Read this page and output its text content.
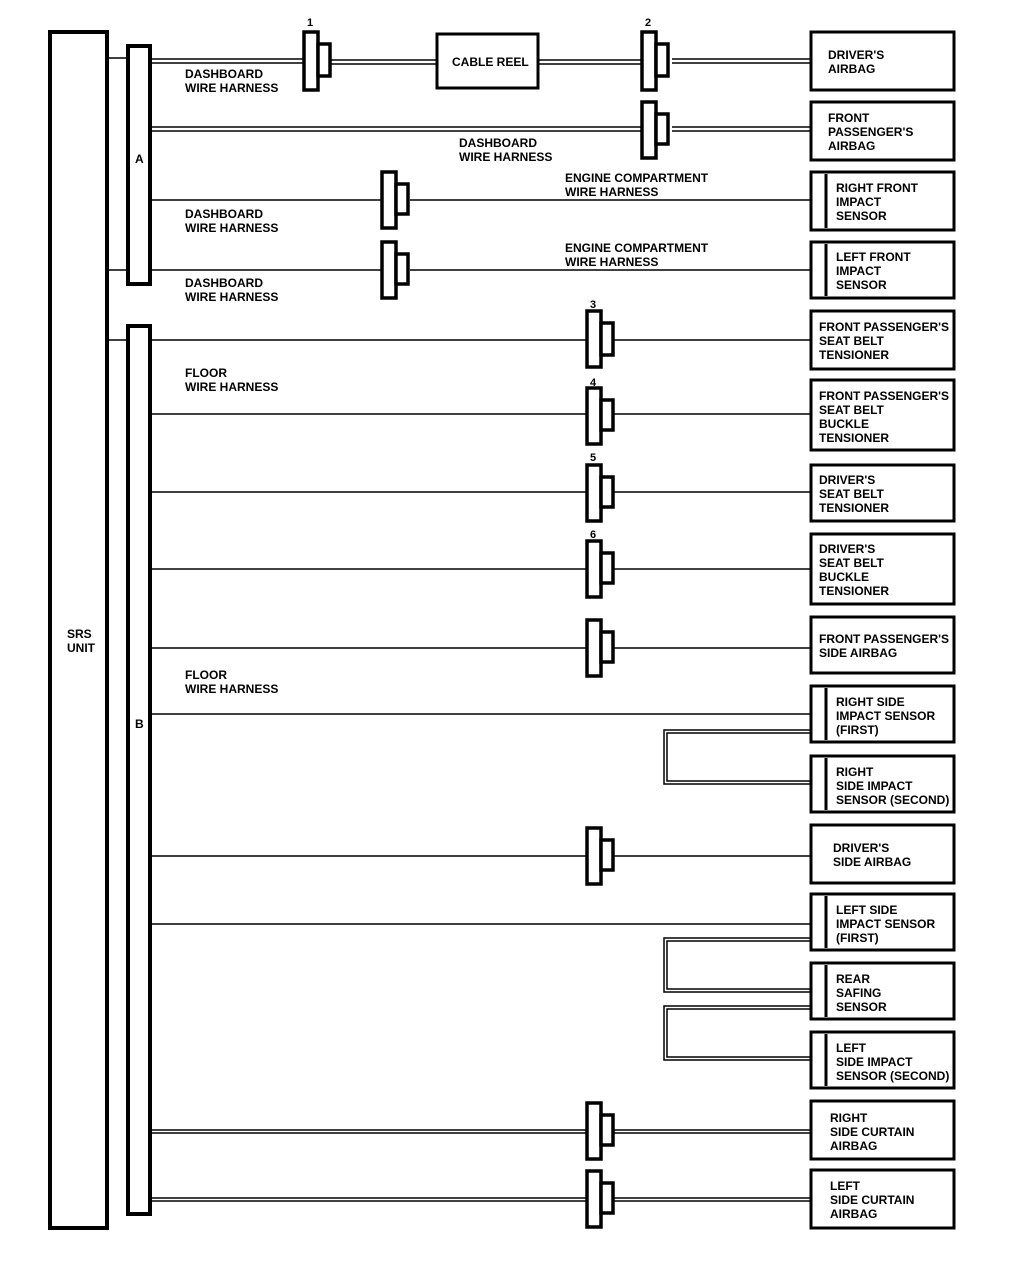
SRS
UNIT
A
B
CABLE REEL
1	2
3
4
5
6
DASHBOARD
WIRE HARNESS
DASHBOARD
WIRE HARNESS
DASHBOARD
WIRE HARNESS
ENGINE COMPARTMENT
WIRE HARNESS
DASHBOARD
WIRE HARNESS
ENGINE COMPARTMENT
WIRE HARNESS
FLOOR
WIRE HARNESS
FLOOR
WIRE HARNESS
DRIVER'S
AIRBAG
FRONT
PASSENGER'S
AIRBAG
RIGHT FRONT
IMPACT
SENSOR
LEFT FRONT
IMPACT
SENSOR
FRONT PASSENGER'S
SEAT BELT
TENSIONER
FRONT PASSENGER'S
SEAT BELT
BUCKLE
TENSIONER
DRIVER'S
SEAT BELT
TENSIONER
DRIVER'S
SEAT BELT
BUCKLE
TENSIONER
FRONT PASSENGER'S
SIDE AIRBAG
RIGHT SIDE
IMPACT SENSOR
(FIRST)
RIGHT
SIDE IMPACT
SENSOR (SECOND)
DRIVER'S
SIDE AIRBAG
LEFT SIDE
IMPACT SENSOR
(FIRST)
REAR
SAFING
SENSOR
LEFT
SIDE IMPACT
SENSOR (SECOND)
RIGHT
SIDE CURTAIN
AIRBAG
LEFT
SIDE CURTAIN
AIRBAG
